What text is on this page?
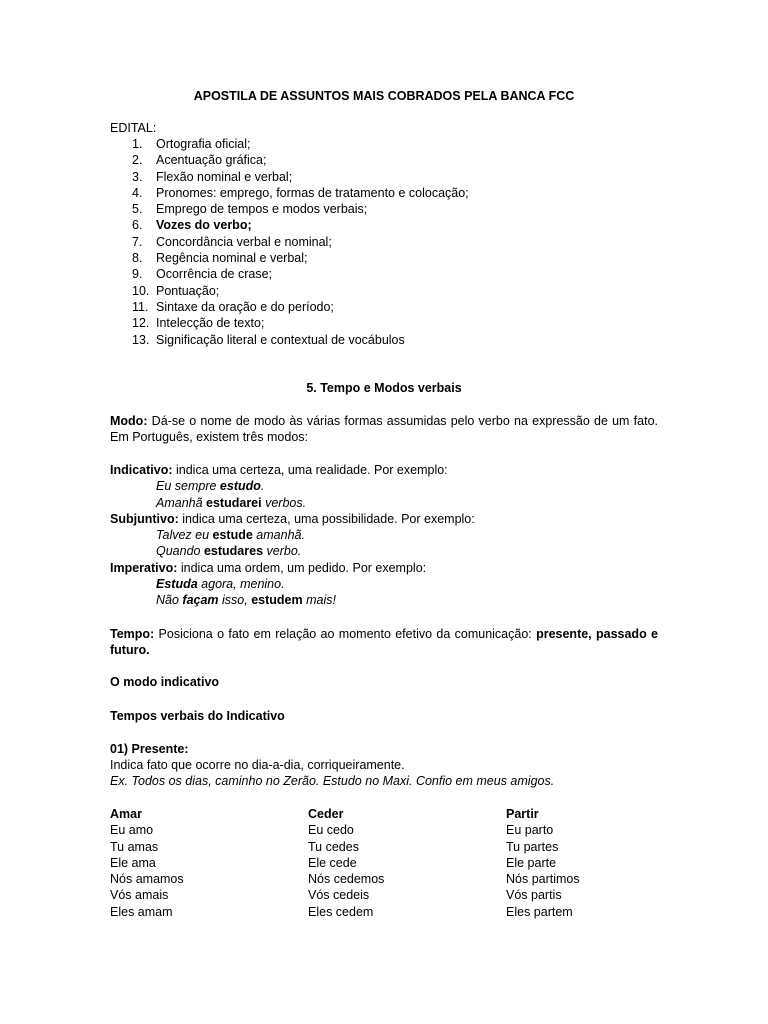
APOSTILA DE ASSUNTOS MAIS COBRADOS PELA BANCA FCC
EDITAL:
1. Ortografia oficial;
2. Acentuação gráfica;
3. Flexão nominal e verbal;
4. Pronomes: emprego, formas de tratamento e colocação;
5. Emprego de tempos e modos verbais;
6. Vozes do verbo;
7. Concordância verbal e nominal;
8. Regência nominal e verbal;
9. Ocorrência de crase;
10. Pontuação;
11. Sintaxe da oração e do período;
12. Intelecção de texto;
13. Significação literal e contextual de vocábulos
5. Tempo e Modos verbais
Modo: Dá-se o nome de modo às várias formas assumidas pelo verbo na expressão de um fato. Em Português, existem três modos:
Indicativo: indica uma certeza, uma realidade. Por exemplo:
Eu sempre estudo.
Amanhã estudarei verbos.
Subjuntivo: indica uma certeza, uma possibilidade. Por exemplo:
Talvez eu estude amanhã.
Quando estudares verbo.
Imperativo: indica uma ordem, um pedido. Por exemplo:
Estuda agora, menino.
Não façam isso, estudem mais!
Tempo: Posiciona o fato em relação ao momento efetivo da comunicação: presente, passado e futuro.
O modo indicativo
Tempos verbais do Indicativo
01) Presente:
Indica fato que ocorre no dia-a-dia, corriqueiramente.
Ex. Todos os dias, caminho no Zerão. Estudo no Maxi. Confio em meus amigos.
Amar
Eu amo
Tu amas
Ele ama
Nós amamos
Vós amais
Eles amam
Ceder
Eu cedo
Tu cedes
Ele cede
Nós cedemos
Vós cedeis
Eles cedem
Partir
Eu parto
Tu partes
Ele parte
Nós partimos
Vós partis
Eles partem
